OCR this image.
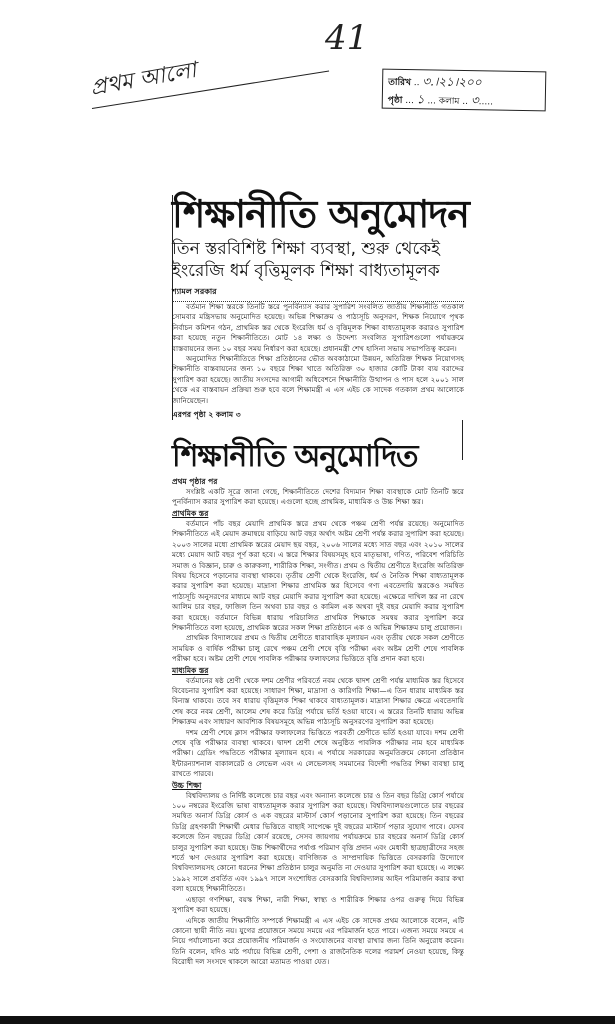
প্রথম আলো
41
তারিখ .. ৩.।২১।২০০
পৃষ্ঠা ... ১ ... কলাম .. ৩.....
শিক্ষানীতি অনুমোদন
তিন স্তরবিশিষ্ট শিক্ষা ব্যবস্থা, শুরু থেকেই
ইংরেজি ধর্ম বৃত্তিমূলক শিক্ষা বাধ্যতামূলক
শ্যামল সরকার

বর্তমান শিক্ষা স্তরকে তিনটি স্তরে পুনর্বিন্যাস করার সুপারিশ সংবলিত জাতীয় শিক্ষানীতি গতকাল সোমবার মন্ত্রিসভায় অনুমোদিত হয়েছে। অভিন্ন শিক্ষাক্রম ও পাঠ্যসূচি অনুসরণ, শিক্ষক নিয়োগে পৃথক নির্বাচন কমিশন গঠন, প্রাথমিক স্তর থেকে ইংরেজি ধর্ম ও বৃত্তিমূলক শিক্ষা বাধ্যতামূলক করারও সুপারিশ করা হয়েছে নতুন শিক্ষানীতিতে। মোট ১৪ লক্ষ্য ও উদ্দেশ্য সংবলিত সুপারিশগুলো পর্যায়ক্রমে বাস্তবায়নের জন্য ১০ বছর সময় নির্ধারণ করা হয়েছে। প্রধানমন্ত্রী শেখ হাসিনা সভায় সভাপতিত্ব করেন।

অনুমোদিত শিক্ষানীতিতে শিক্ষা প্রতিষ্ঠানের ভৌত অবকাঠামো উন্নয়ন, অতিরিক্ত শিক্ষক নিয়োগসহ শিক্ষানীতি বাস্তবায়নের জন্য ১০ বছরে শিক্ষা খাতে অতিরিক্ত ৩০ হাজার কোটি টাকা ব্যয় বরাদ্দের সুপারিশ করা হয়েছে। জাতীয় সংসদের আগামী অধিবেশনে শিক্ষানীতি উত্থাপন ও পাস হলে ২০০১ সাল থেকে এর বাস্তবায়ন প্রক্রিয়া শুরু হবে বলে শিক্ষামন্ত্রী এ এস এইচ কে সাদেক গতকাল প্রথম আলোকে জানিয়েছেন।

এরপর পৃষ্ঠা ২ কলাম ৩
শিক্ষানীতি অনুমোদিত
প্রথম পৃষ্ঠার পর

সংশ্লিষ্ট একটি সূত্রে জানা গেছে, শিক্ষানীতিতে দেশের বিদ্যমান শিক্ষা ব্যবস্থাকে মোট তিনটি স্তরে পুনর্বিন্যাস করার সুপারিশ করা হয়েছে। এগুলো হচ্ছে প্রাথমিক, মাধ্যমিক ও উচ্চ শিক্ষা স্তর।

প্রাথমিক স্তর

বর্তমানে পাঁচ বছর মেয়াদি প্রাথমিক স্তরে প্রথম থেকে পঞ্চম শ্রেণী পর্যন্ত রয়েছে। অনুমোদিত শিক্ষানীতিতে এই মেয়াদ ক্রমান্বয়ে বাড়িয়ে আট বছর অর্থাৎ অষ্টম শ্রেণী পর্যন্ত করার সুপারিশ করা হয়েছে। ২০০৩ সালের মধ্যে প্রাথমিক স্তরের মেয়াদ ছয় বছর, ২০০৬ সালের মধ্যে সাত বছর এবং ২০১০ সালের মধ্যে মেয়াদ আট বছর পূর্ণ করা হবে। এ স্তরে শিক্ষার বিষয়সমূহ হবে মাতৃভাষা, গণিত, পরিবেশ পরিচিতি সমাজ ও বিজ্ঞান, চারু ও কারুকলা, শারীরিক শিক্ষা, সংগীত। প্রথম ও দ্বিতীয় শ্রেণীতে ইংরেজি অতিরিক্ত বিষয় হিসেবে পড়ানোর ব্যবস্থা থাকবে। তৃতীয় শ্রেণী থেকে ইংরেজি, ধর্ম ও নৈতিক শিক্ষা বাধ্যতামূলক করার সুপারিশ করা হয়েছে। মাদ্রাসা শিক্ষার প্রাথমিক স্তর হিসেবে গণ্য এবতেদায়ি স্তরকেও সমন্বিত পাঠ্যসূচি অনুসরণের মাধ্যমে আট বছর মেয়াদি করার সুপারিশ করা হয়েছে। এক্ষেত্রে দাখিল স্তর না রেখে আলিম চার বছর, ফাজিল তিন অথবা চার বছর ও কামিল এক অথবা দুই বছর মেয়াদি করার সুপারিশ করা হয়েছে। বর্তমানে বিভিন্ন ধারায় পরিচালিত প্রাথমিক শিক্ষাকে সমন্বয় করার সুপারিশ করে শিক্ষানীতিতে বলা হয়েছে, প্রাথমিক স্তরের সকল শিক্ষা প্রতিষ্ঠানে এক ও অভিন্ন শিক্ষাক্রম চালু প্রয়োজন।

প্রাথমিক বিদ্যালয়ের প্রথম ও দ্বিতীয় শ্রেণীতে ধারাবাহিক মূল্যায়ন এবং তৃতীয় থেকে সকল শ্রেণীতে সাময়িক ও বার্ষিক পরীক্ষা চালু রেখে পঞ্চম শ্রেণী শেষে বৃত্তি পরীক্ষা এবং অষ্টম শ্রেণী শেষে পাবলিক পরীক্ষা হবে। অষ্টম শ্রেণী শেষে পাবলিক পরীক্ষার ফলাফলের ভিত্তিতে বৃত্তি প্রদান করা হবে।

মাধ্যমিক স্তর

বর্তমানের ষষ্ঠ শ্রেণী থেকে দশম শ্রেণীর পরিবর্তে নবম থেকে দ্বাদশ শ্রেণী পর্যন্ত মাধ্যমিক স্তর হিসেবে বিবেচনার সুপারিশ করা হয়েছে। সাধারণ শিক্ষা, মাদ্রাসা ও কারিগরি শিক্ষা—এ তিন ধারায় মাধ্যমিক স্তর বিন্যস্ত থাকবে। তবে সব ধারায় বৃত্তিমূলক শিক্ষা থাকবে বাধ্যতামূলক। মাদ্রাসা শিক্ষার ক্ষেত্রে এবতেদায়ি শেষ করে নবম শ্রেণী, আলেম শেষ করে ডিগ্রি পর্যায়ে ভর্তি হওয়া যাবে। এ স্তরের তিনটি ধারায় অভিন্ন শিক্ষাক্রম এবং সাধারণ আবশ্যিক বিষয়সমূহে অভিন্ন পাঠ্যসূচি অনুসরণের সুপারিশ করা হয়েছে।

দশম শ্রেণী শেষে ক্লাস পরীক্ষার ফলাফলের ভিত্তিতে পরবর্তী শ্রেণীতে ভর্তি হওয়া যাবে। দশম শ্রেণী শেষে বৃত্তি পরীক্ষার ব্যবস্থা থাকবে। দ্বাদশ শ্রেণী শেষে অনুষ্ঠিত পাবলিক পরীক্ষার নাম হবে মাধ্যমিক পরীক্ষা। গ্রেডিং পদ্ধতিতে পরীক্ষার মূল্যায়ন হবে। এ পর্যায়ে সরকারের অনুমতিক্রমে কোনো প্রতিষ্ঠান ইন্টারন্যাশনাল বাকালরেট ও লেভেল এবং এ লেভেলসহ সমমানের বিদেশী পদ্ধতির শিক্ষা ব্যবস্থা চালু রাখতে পারবে।

উচ্চ শিক্ষা

বিশ্ববিদ্যালয় ও নির্দিষ্ট কলেজে চার বছর এবং অন্যান্য কলেজে চার ও তিন বছর ডিগ্রি কোর্স পর্যায়ে ১০০ নম্বরের ইংরেজি ভাষা বাধ্যতামূলক করার সুপারিশ করা হয়েছে। বিশ্ববিদ্যালয়গুলোতে চার বছরের সমন্বিত অনার্স ডিগ্রি কোর্স ও এক বছরের মাস্টার্স কোর্স পড়ানোর সুপারিশ করা হয়েছে। তিন বছরের ডিগ্রি গ্রহণকারী শিক্ষার্থী মেধার ভিত্তিতে বাছাই সাপেক্ষে দুই বছরের মাস্টার্স পড়ার সুযোগ পাবে। যেসব কলেজে তিন বছরের ডিগ্রি কোর্স রয়েছে, সেসব জায়গায় পর্যায়ক্রমে চার বছরের অনার্স ডিগ্রি কোর্স চালুর সুপারিশ করা হয়েছে। উচ্চ শিক্ষার্থীদের পর্যাপ্ত পরিমাণ বৃত্তি প্রদান এবং মেধাবী ছাত্রছাত্রীদের সহজ শর্তে ঋণ দেওয়ার সুপারিশ করা হয়েছে। বাণিজ্যিক ও সাম্প্রদায়িক ভিত্তিতে বেসরকারি উদ্যোগে বিশ্ববিদ্যালয়সহ কোনো ধরনের শিক্ষা প্রতিষ্ঠান চালুর অনুমতি না দেওয়ার সুপারিশ করা হয়েছে। এ লক্ষ্যে ১৯৯২ সালে প্রবর্তিত এবং ১৯৯৭ সালে সংশোধিত বেসরকারি বিশ্ববিদ্যালয় আইন পরিমার্জন করার কথা বলা হয়েছে শিক্ষানীতিতে।

এছাড়া গণশিক্ষা, বয়স্ক শিক্ষা, নারী শিক্ষা, স্বাস্থ্য ও শারীরিক শিক্ষার ওপর গুরুত্ব দিয়ে বিভিন্ন সুপারিশ করা হয়েছে।

এদিকে জাতীয় শিক্ষানীতি সম্পর্কে শিক্ষামন্ত্রী এ এস এইচ কে সাদেক প্রথম আলোকে বলেন, এটি কোনো স্থায়ী নীতি নয়। যুগের প্রয়োজনে সময়ে সময়ে এর পরিমার্জন হতে পারে। এজন্য সময়ে সময়ে এ নিয়ে পর্যালোচনা করে প্রয়োজনীয় পরিমার্জন ও সংযোজনের ব্যবস্থা রাখার জন্য তিনি অনুরোধ করেন। তিনি বলেন, যদিও মাঠ পর্যায়ে বিভিন্ন শ্রেণী, পেশা ও রাজনৈতিক দলের পরামর্শ নেওয়া হয়েছে, কিন্তু বিরোধী দল সংসদে থাকলে আরো মতামত পাওয়া যেত।
